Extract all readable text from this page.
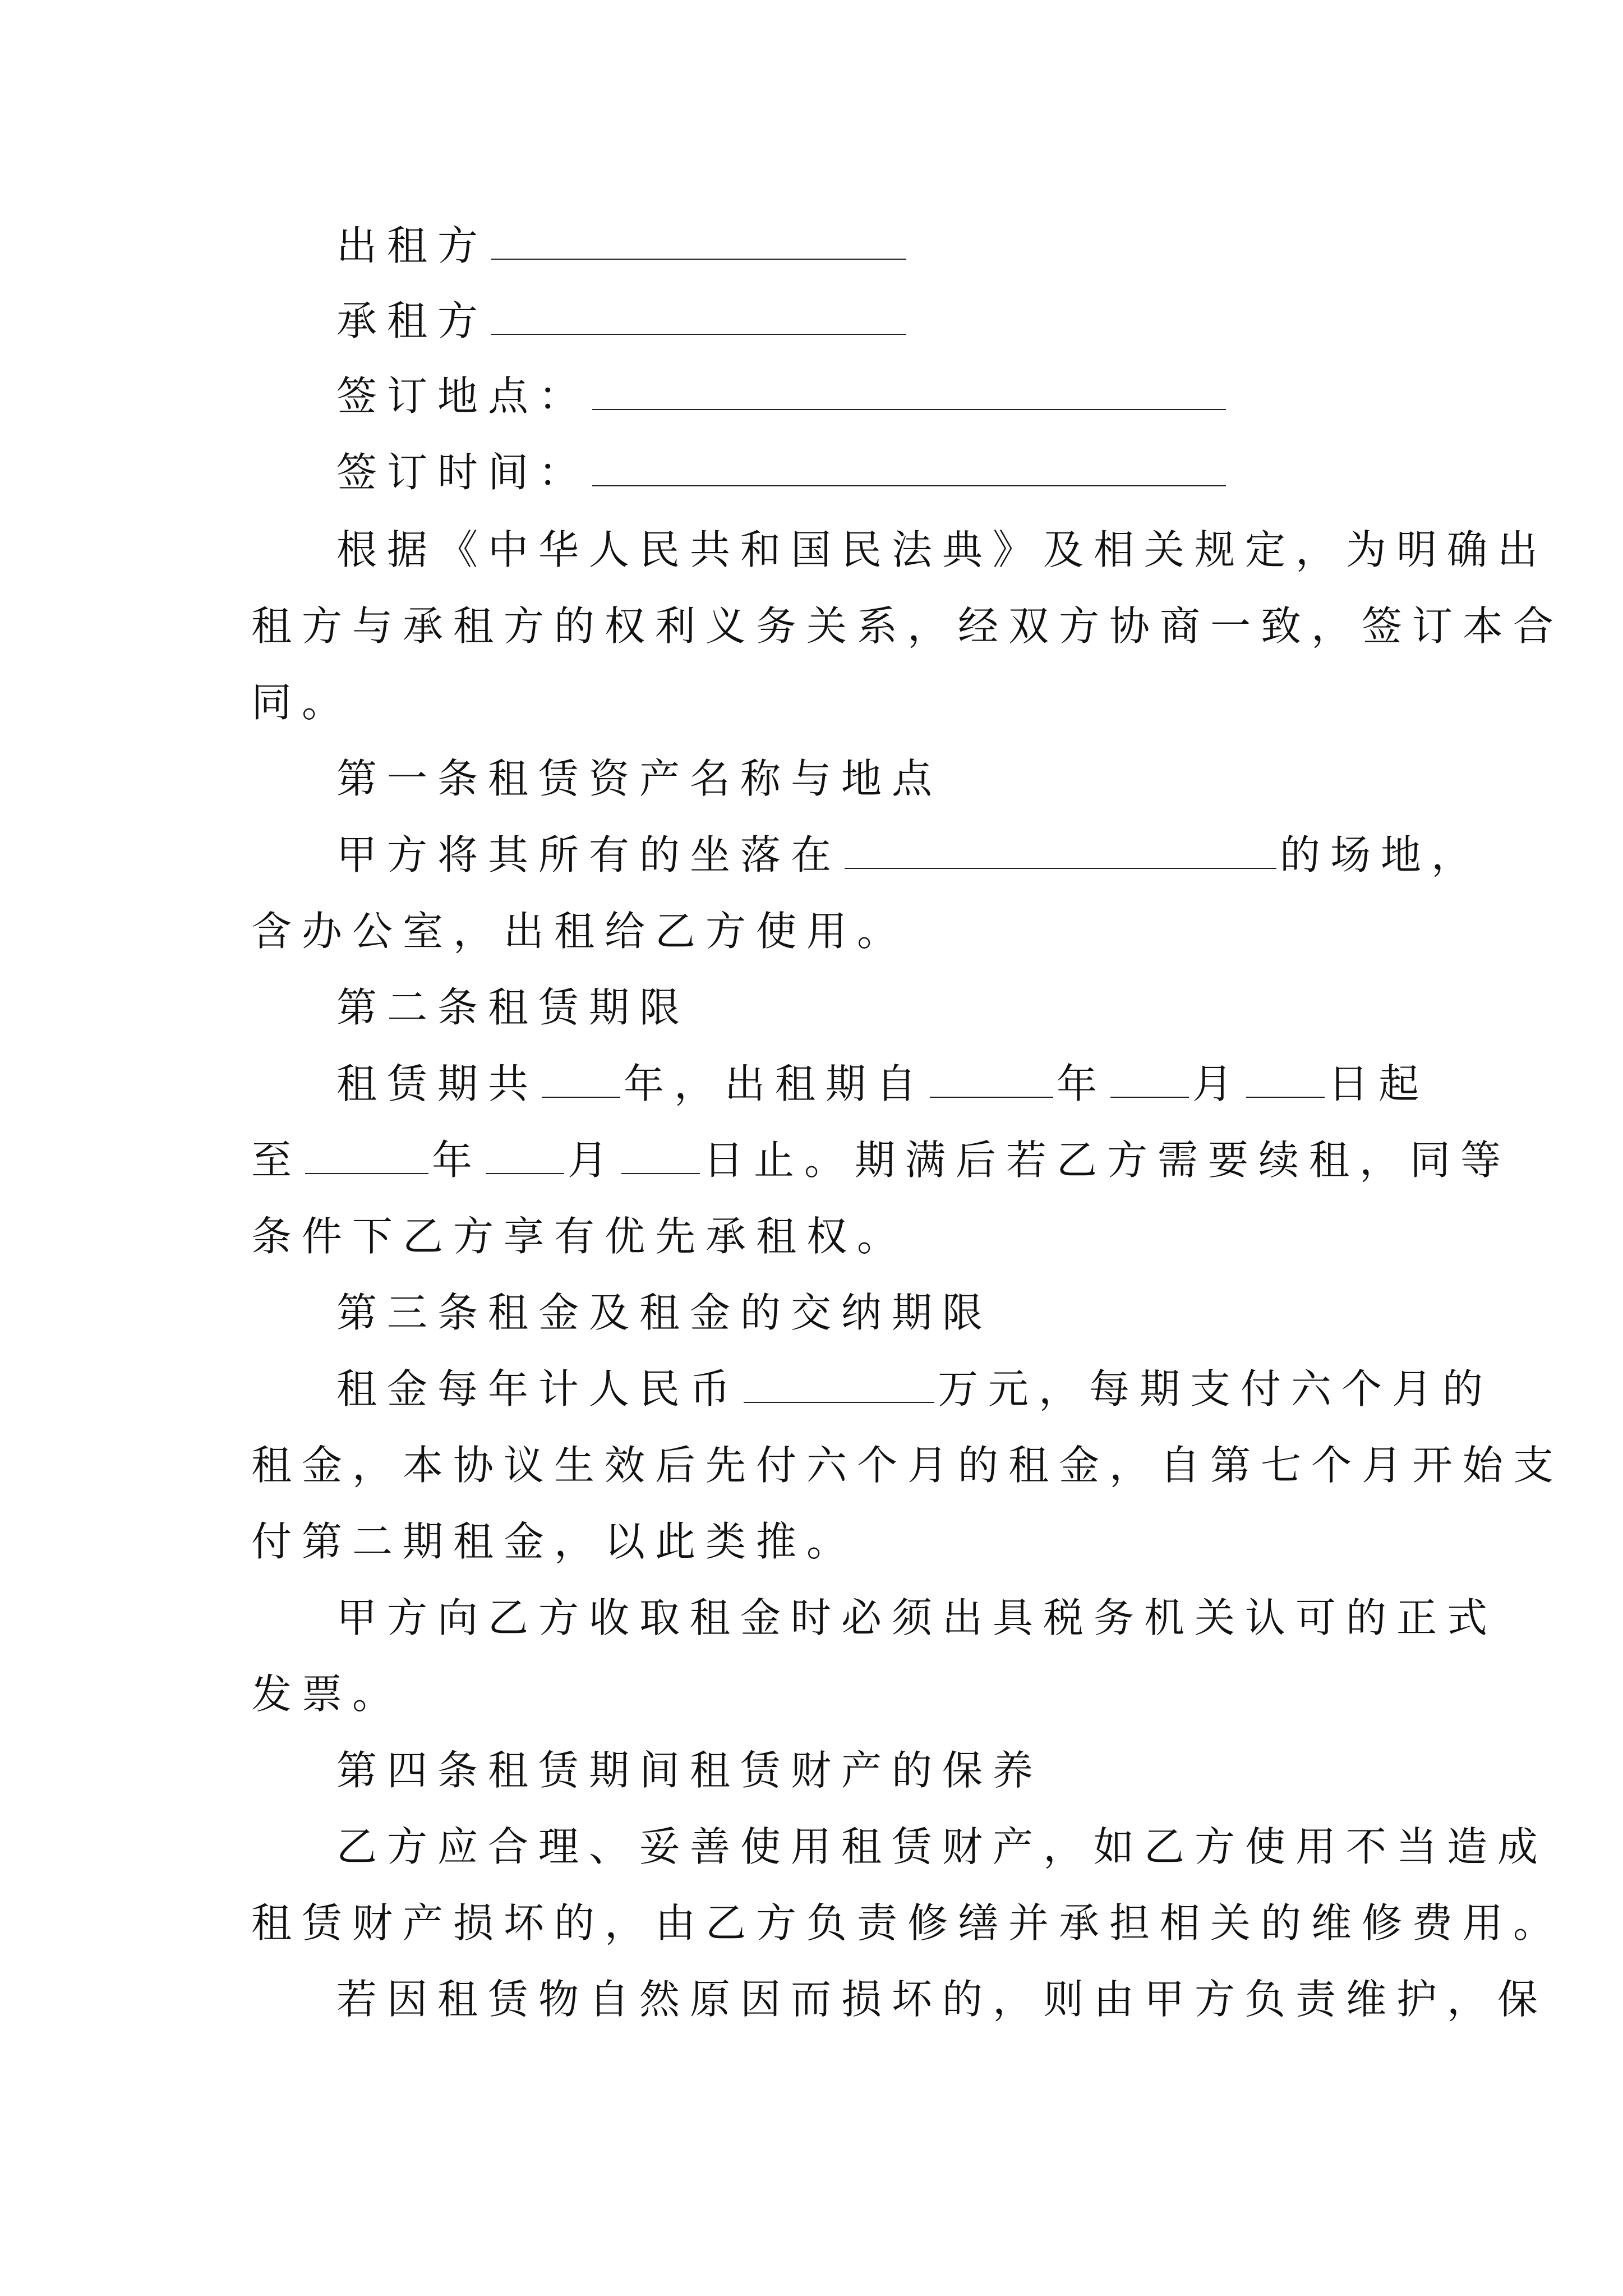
出租方
承租方
签订地点：
签订时间：
根据《中华人民共和国民法典》及相关规定，为明确出
租方与承租方的权利义务关系，经双方协商一致，签订本合
同。
第一条租赁资产名称与地点
甲方将其所有的坐落在	的场地，
含办公室，出租给乙方使用。
第二条租赁期限
租赁期共 年，出租期自	年 月 日起
至	年 月 日止。期满后若乙方需要续租，同等
条件下乙方享有优先承租权。
第三条租金及租金的交纳期限
租金每年计人民币	万元，每期支付六个月的
租金，本协议生效后先付六个月的租金，自第七个月开始支
付第二期租金，以此类推。
甲方向乙方收取租金时必须出具税务机关认可的正式
发票。
第四条租赁期间租赁财产的保养
乙方应合理、妥善使用租赁财产，如乙方使用不当造成
租赁财产损坏的，由乙方负责修缮并承担相关的维修费用。
若因租赁物自然原因而损坏的，则由甲方负责维护，保
